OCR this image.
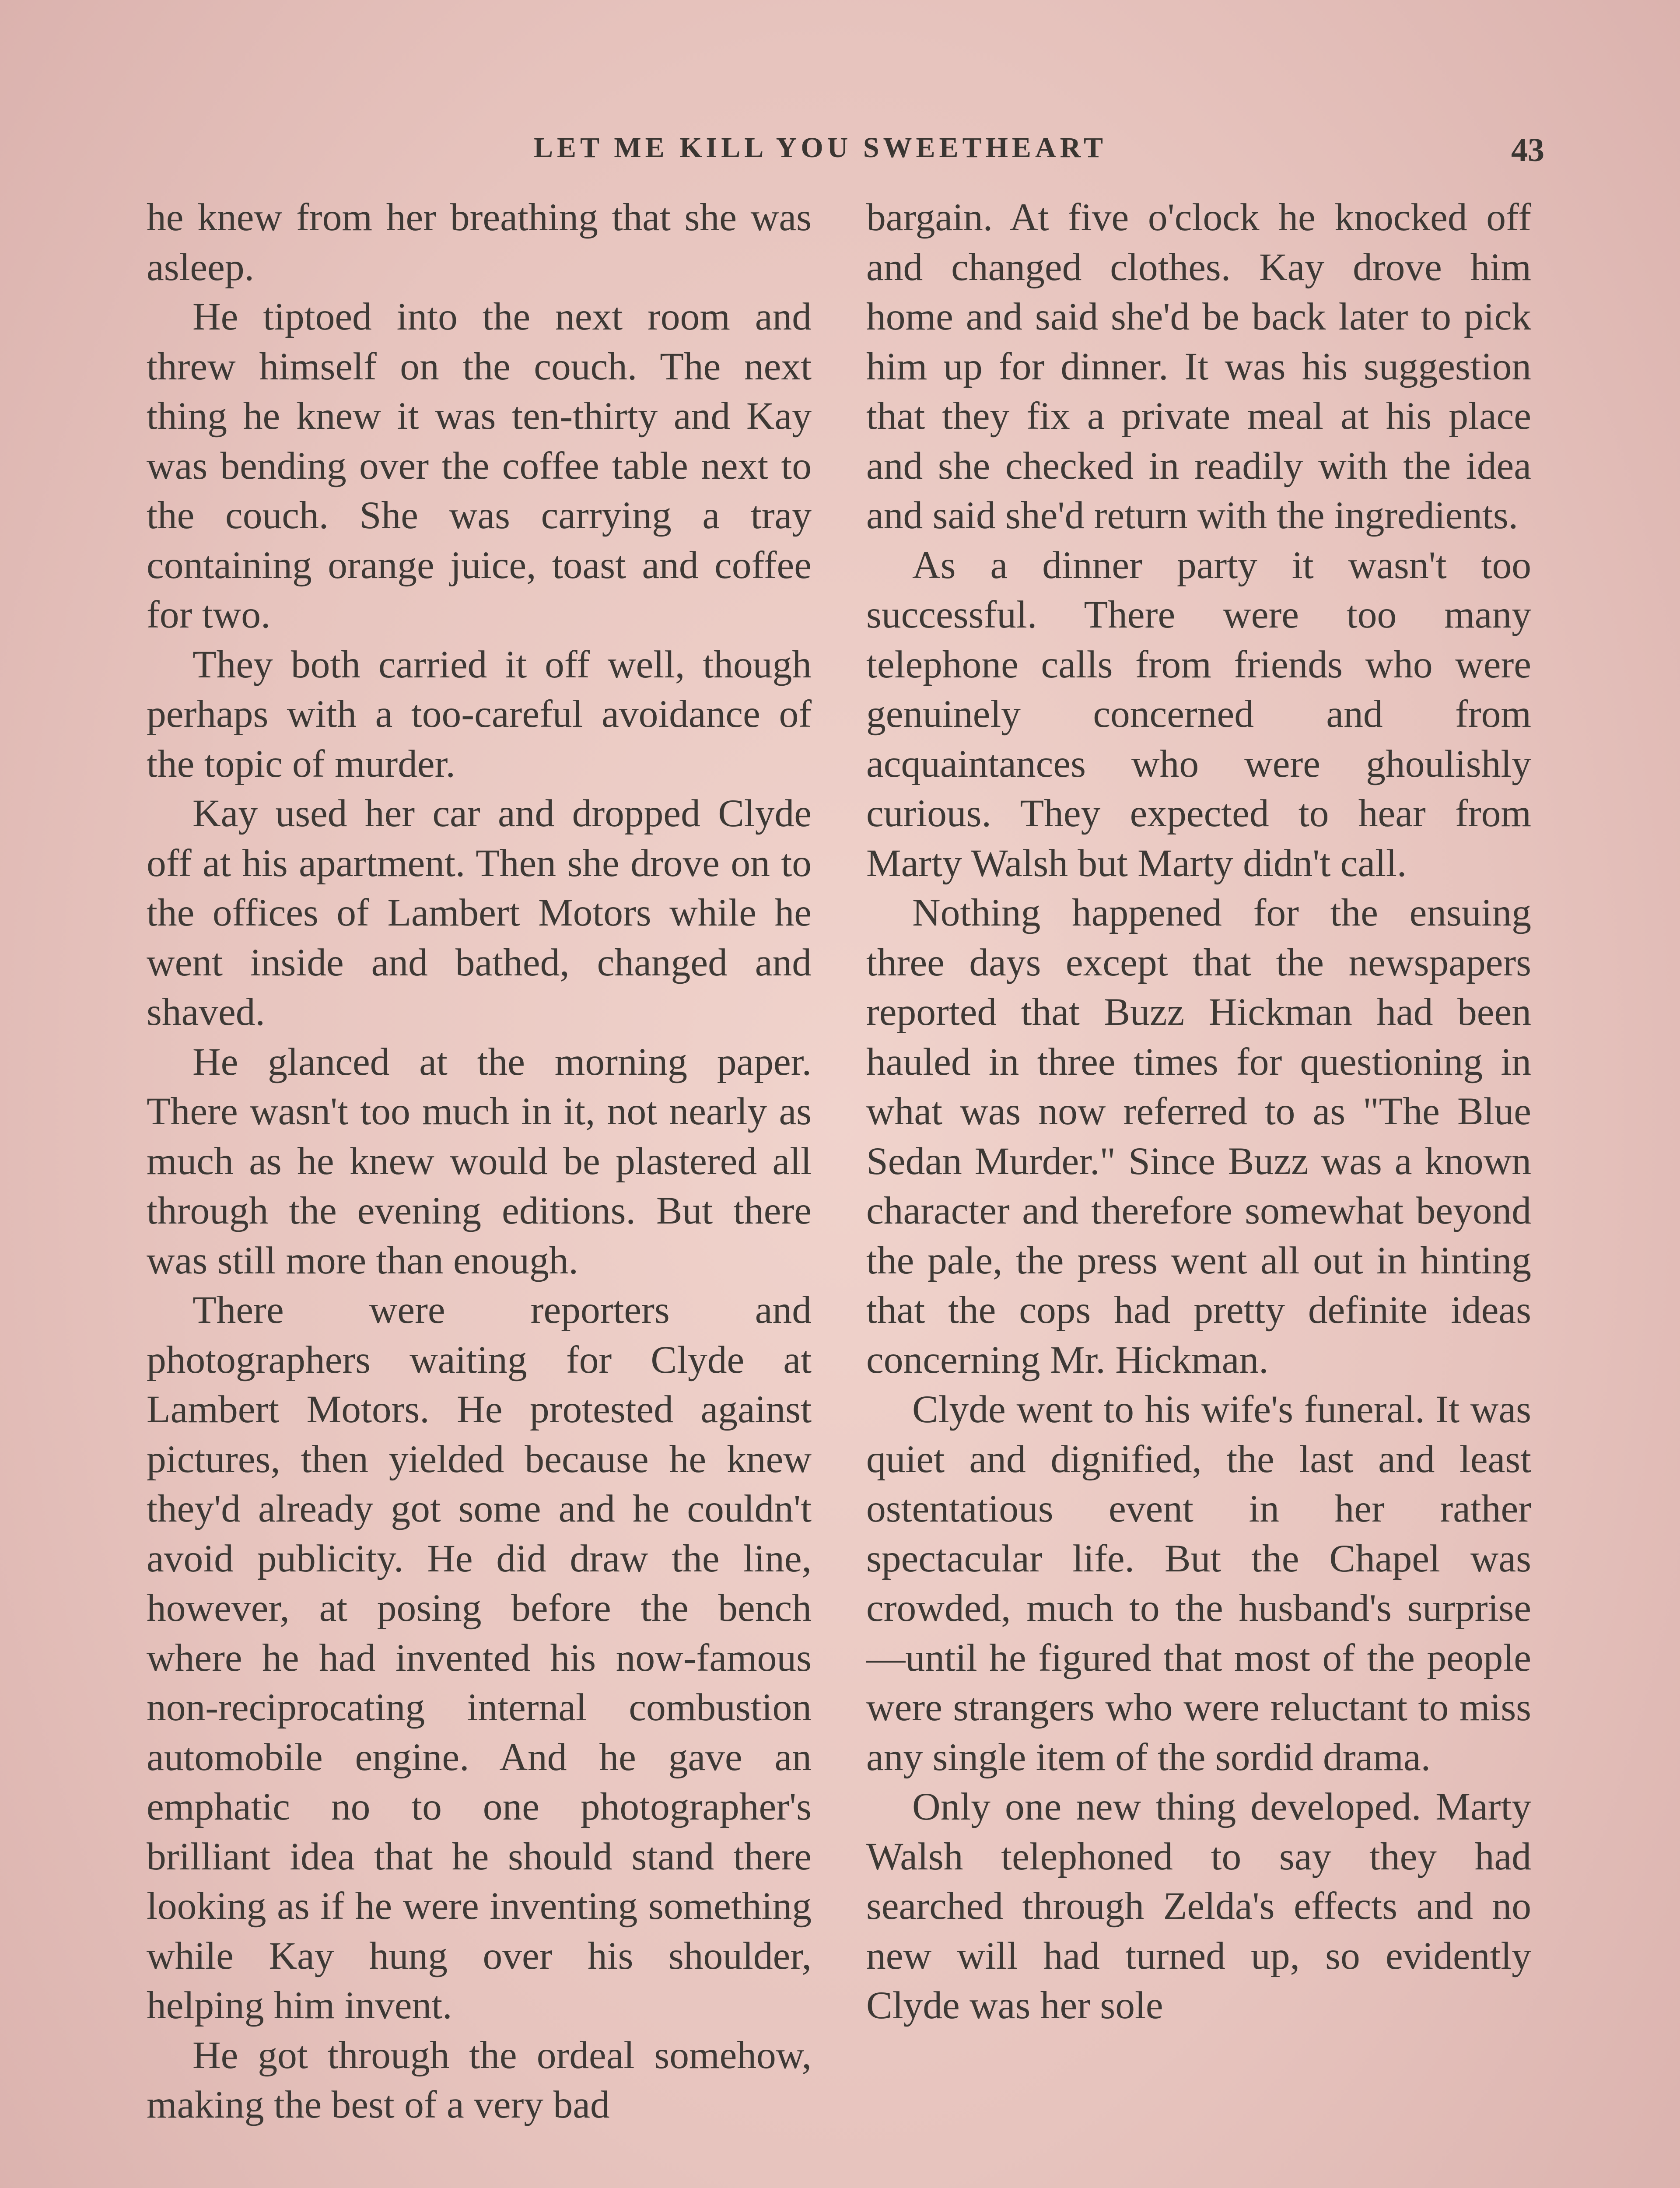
LET ME KILL YOU SWEETHEART	43

he knew from her breathing that she was asleep.

He tiptoed into the next room and threw himself on the couch. The next thing he knew it was ten-thirty and Kay was bending over the coffee table next to the couch. She was carrying a tray containing orange juice, toast and coffee for two.

They both carried it off well, though perhaps with a too-careful avoidance of the topic of murder.

Kay used her car and dropped Clyde off at his apartment. Then she drove on to the offices of Lambert Motors while he went inside and bathed, changed and shaved.

He glanced at the morning paper. There wasn't too much in it, not nearly as much as he knew would be plastered all through the evening editions. But there was still more than enough.

There were reporters and photographers waiting for Clyde at Lambert Motors. He protested against pictures, then yielded because he knew they'd already got some and he couldn't avoid publicity. He did draw the line, however, at posing before the bench where he had invented his now-famous non-reciprocating internal combustion automobile engine. And he gave an emphatic no to one photographer's brilliant idea that he should stand there looking as if he were inventing something while Kay hung over his shoulder, helping him invent.

He got through the ordeal somehow, making the best of a very bad

bargain. At five o'clock he knocked off and changed clothes. Kay drove him home and said she'd be back later to pick him up for dinner. It was his suggestion that they fix a private meal at his place and she checked in readily with the idea and said she'd return with the ingredients.

As a dinner party it wasn't too successful. There were too many telephone calls from friends who were genuinely concerned and from acquaintances who were ghoulishly curious. They expected to hear from Marty Walsh but Marty didn't call.

Nothing happened for the ensuing three days except that the newspapers reported that Buzz Hickman had been hauled in three times for questioning in what was now referred to as "The Blue Sedan Murder." Since Buzz was a known character and therefore somewhat beyond the pale, the press went all out in hinting that the cops had pretty definite ideas concerning Mr. Hickman.

Clyde went to his wife's funeral. It was quiet and dignified, the last and least ostentatious event in her rather spectacular life. But the Chapel was crowded, much to the husband's surprise—until he figured that most of the people were strangers who were reluctant to miss any single item of the sordid drama.

Only one new thing developed. Marty Walsh telephoned to say they had searched through Zelda's effects and no new will had turned up, so evidently Clyde was her sole
